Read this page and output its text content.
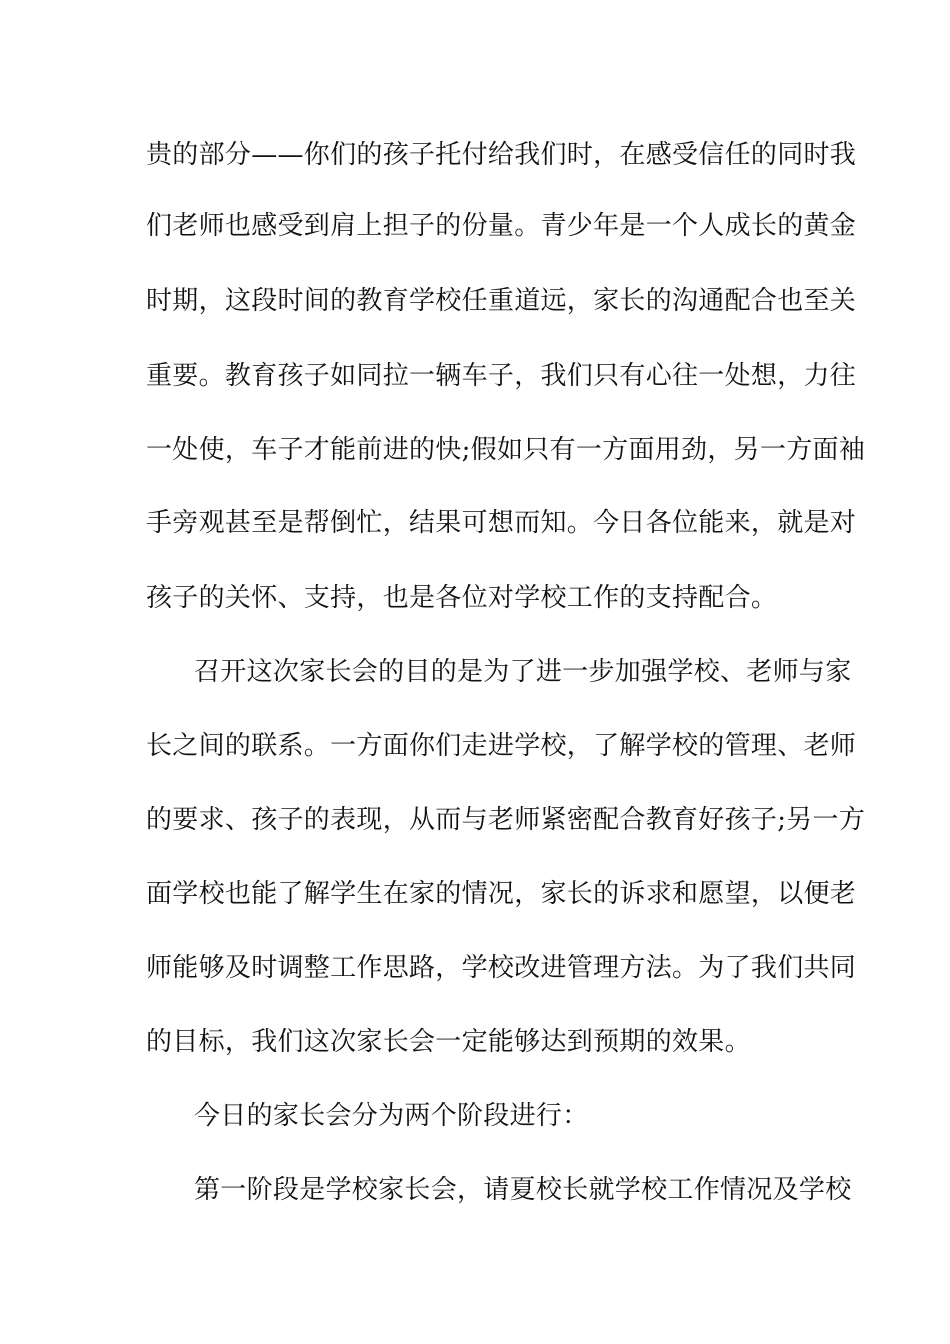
贵的部分——你们的孩子托付给我们时，在感受信任的同时我
们老师也感受到肩上担子的份量。青少年是一个人成长的黄金
时期，这段时间的教育学校任重道远，家长的沟通配合也至关
重要。教育孩子如同拉一辆车子，我们只有心往一处想，力往
一处使，车子才能前进的快;假如只有一方面用劲，另一方面袖
手旁观甚至是帮倒忙，结果可想而知。今日各位能来，就是对
孩子的关怀、支持，也是各位对学校工作的支持配合。
召开这次家长会的目的是为了进一步加强学校、老师与家
长之间的联系。一方面你们走进学校，了解学校的管理、老师
的要求、孩子的表现，从而与老师紧密配合教育好孩子;另一方
面学校也能了解学生在家的情况，家长的诉求和愿望，以便老
师能够及时调整工作思路，学校改进管理方法。为了我们共同
的目标，我们这次家长会一定能够达到预期的效果。
今日的家长会分为两个阶段进行：
第一阶段是学校家长会，请夏校长就学校工作情况及学校
